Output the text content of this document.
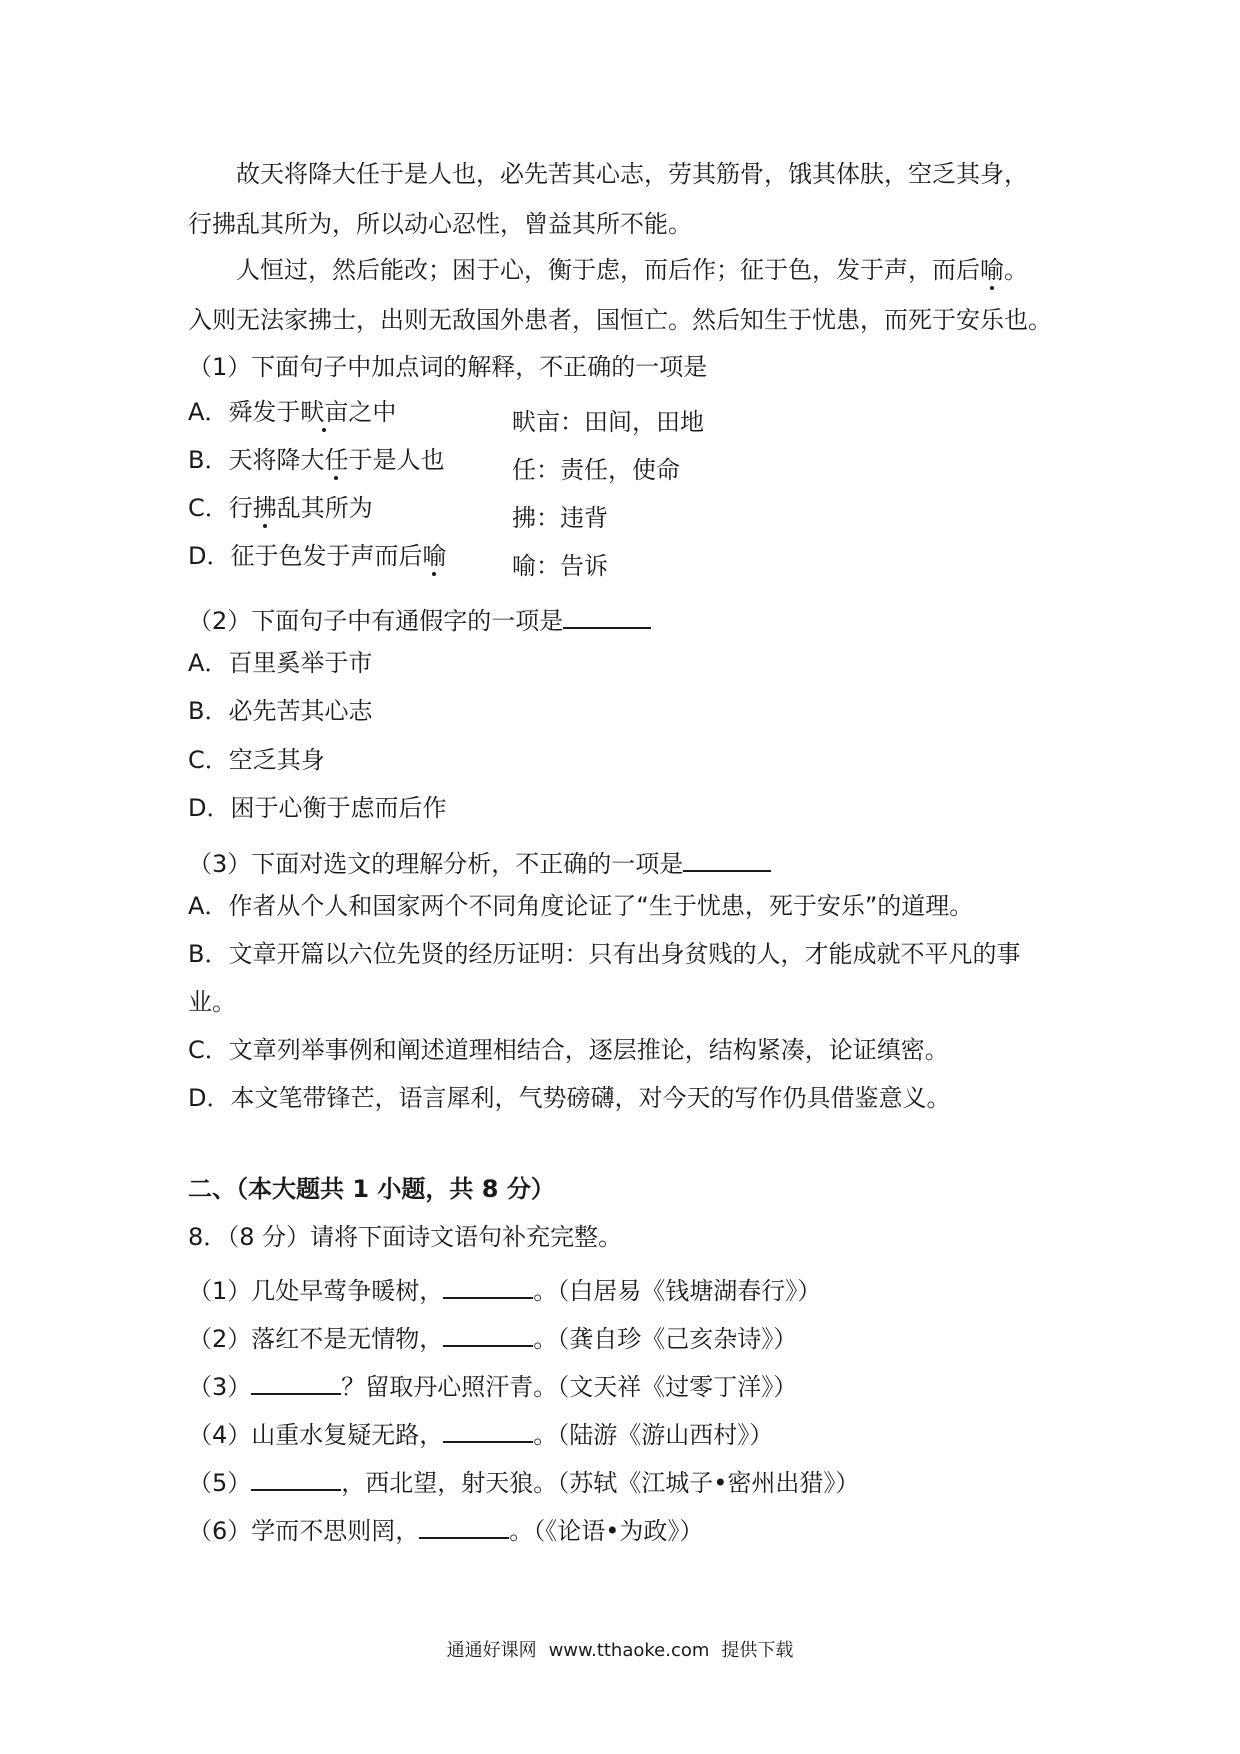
故天将降大任于是人也，必先苦其心志，劳其筋骨，饿其体肤，空乏其身，
行拂乱其所为，所以动心忍性，曾益其所不能。
人恒过，然后能改；困于心，衡于虑，而后作；征于色，发于声，而后喻。
入则无法家拂士，出则无敌国外患者，国恒亡。然后知生于忧患，而死于安乐也。
（1）下面句子中加点词的解释，不正确的一项是
A．舜发于畎亩之中	畎亩：田间，田地
B．天将降大任于是人也	任：责任，使命
C．行拂乱其所为	拂：违背
D．征于色发于声而后喻	喻：告诉
（2）下面句子中有通假字的一项是
A．百里奚举于市
B．必先苦其心志
C．空乏其身
D．困于心衡于虑而后作
（3）下面对选文的理解分析，不正确的一项是
A．作者从个人和国家两个不同角度论证了“生于忧患，死于安乐”的道理。
B．文章开篇以六位先贤的经历证明：只有出身贫贱的人，才能成就不平凡的事
业。
C．文章列举事例和阐述道理相结合，逐层推论，结构紧凑，论证缜密。
D．本文笔带锋芒，语言犀利，气势磅礴，对今天的写作仍具借鉴意义。
二、（本大题共 1 小题，共 8 分）
8．（8 分）请将下面诗文语句补充完整。
（1）几处早莺争暖树，	。（白居易《钱塘湖春行》）
（2）落红不是无情物，	。（龚自珍《己亥杂诗》）
（3）	？留取丹心照汗青。（文天祥《过零丁洋》）
（4）山重水复疑无路，	。（陆游《游山西村》）
（5）	，西北望，射天狼。（苏轼《江城子•密州出猎》）
（6）学而不思则罔，	。（《论语•为政》）
通通好课网 www.tthaoke.com 提供下载
